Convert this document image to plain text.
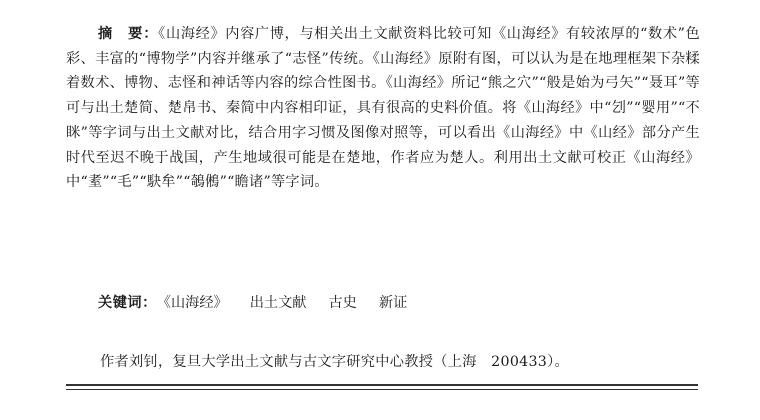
摘　要：《山海经》内容广博，与相关出土文献资料比较可知《山海经》有较浓厚的“数术”色彩、丰富的“博物学”内容并继承了“志怪”传统。《山海经》原附有图，可以认为是在地理框架下杂糅着数术、博物、志怪和神话等内容的综合性图书。《山海经》所记“熊之穴”“般是始为弓矢”“聂耳”等可与出土楚简、楚帛书、秦简中内容相印证，具有很高的史料价值。将《山海经》中“刉”“婴用”“不眯”等字词与出土文献对比，结合用字习惯及图像对照等，可以看出《山海经》中《山经》部分产生时代至迟不晚于战国，产生地域很可能是在楚地，作者应为楚人。利用出土文献可校正《山海经》中“耊”“毛”“駃牟”“鵸鵂”“瞻诸”等字词。

关键词：《山海经》 出土文献 古史 新证

作者刘钊，复旦大学出土文献与古文字研究中心教授（上海　200433）。
